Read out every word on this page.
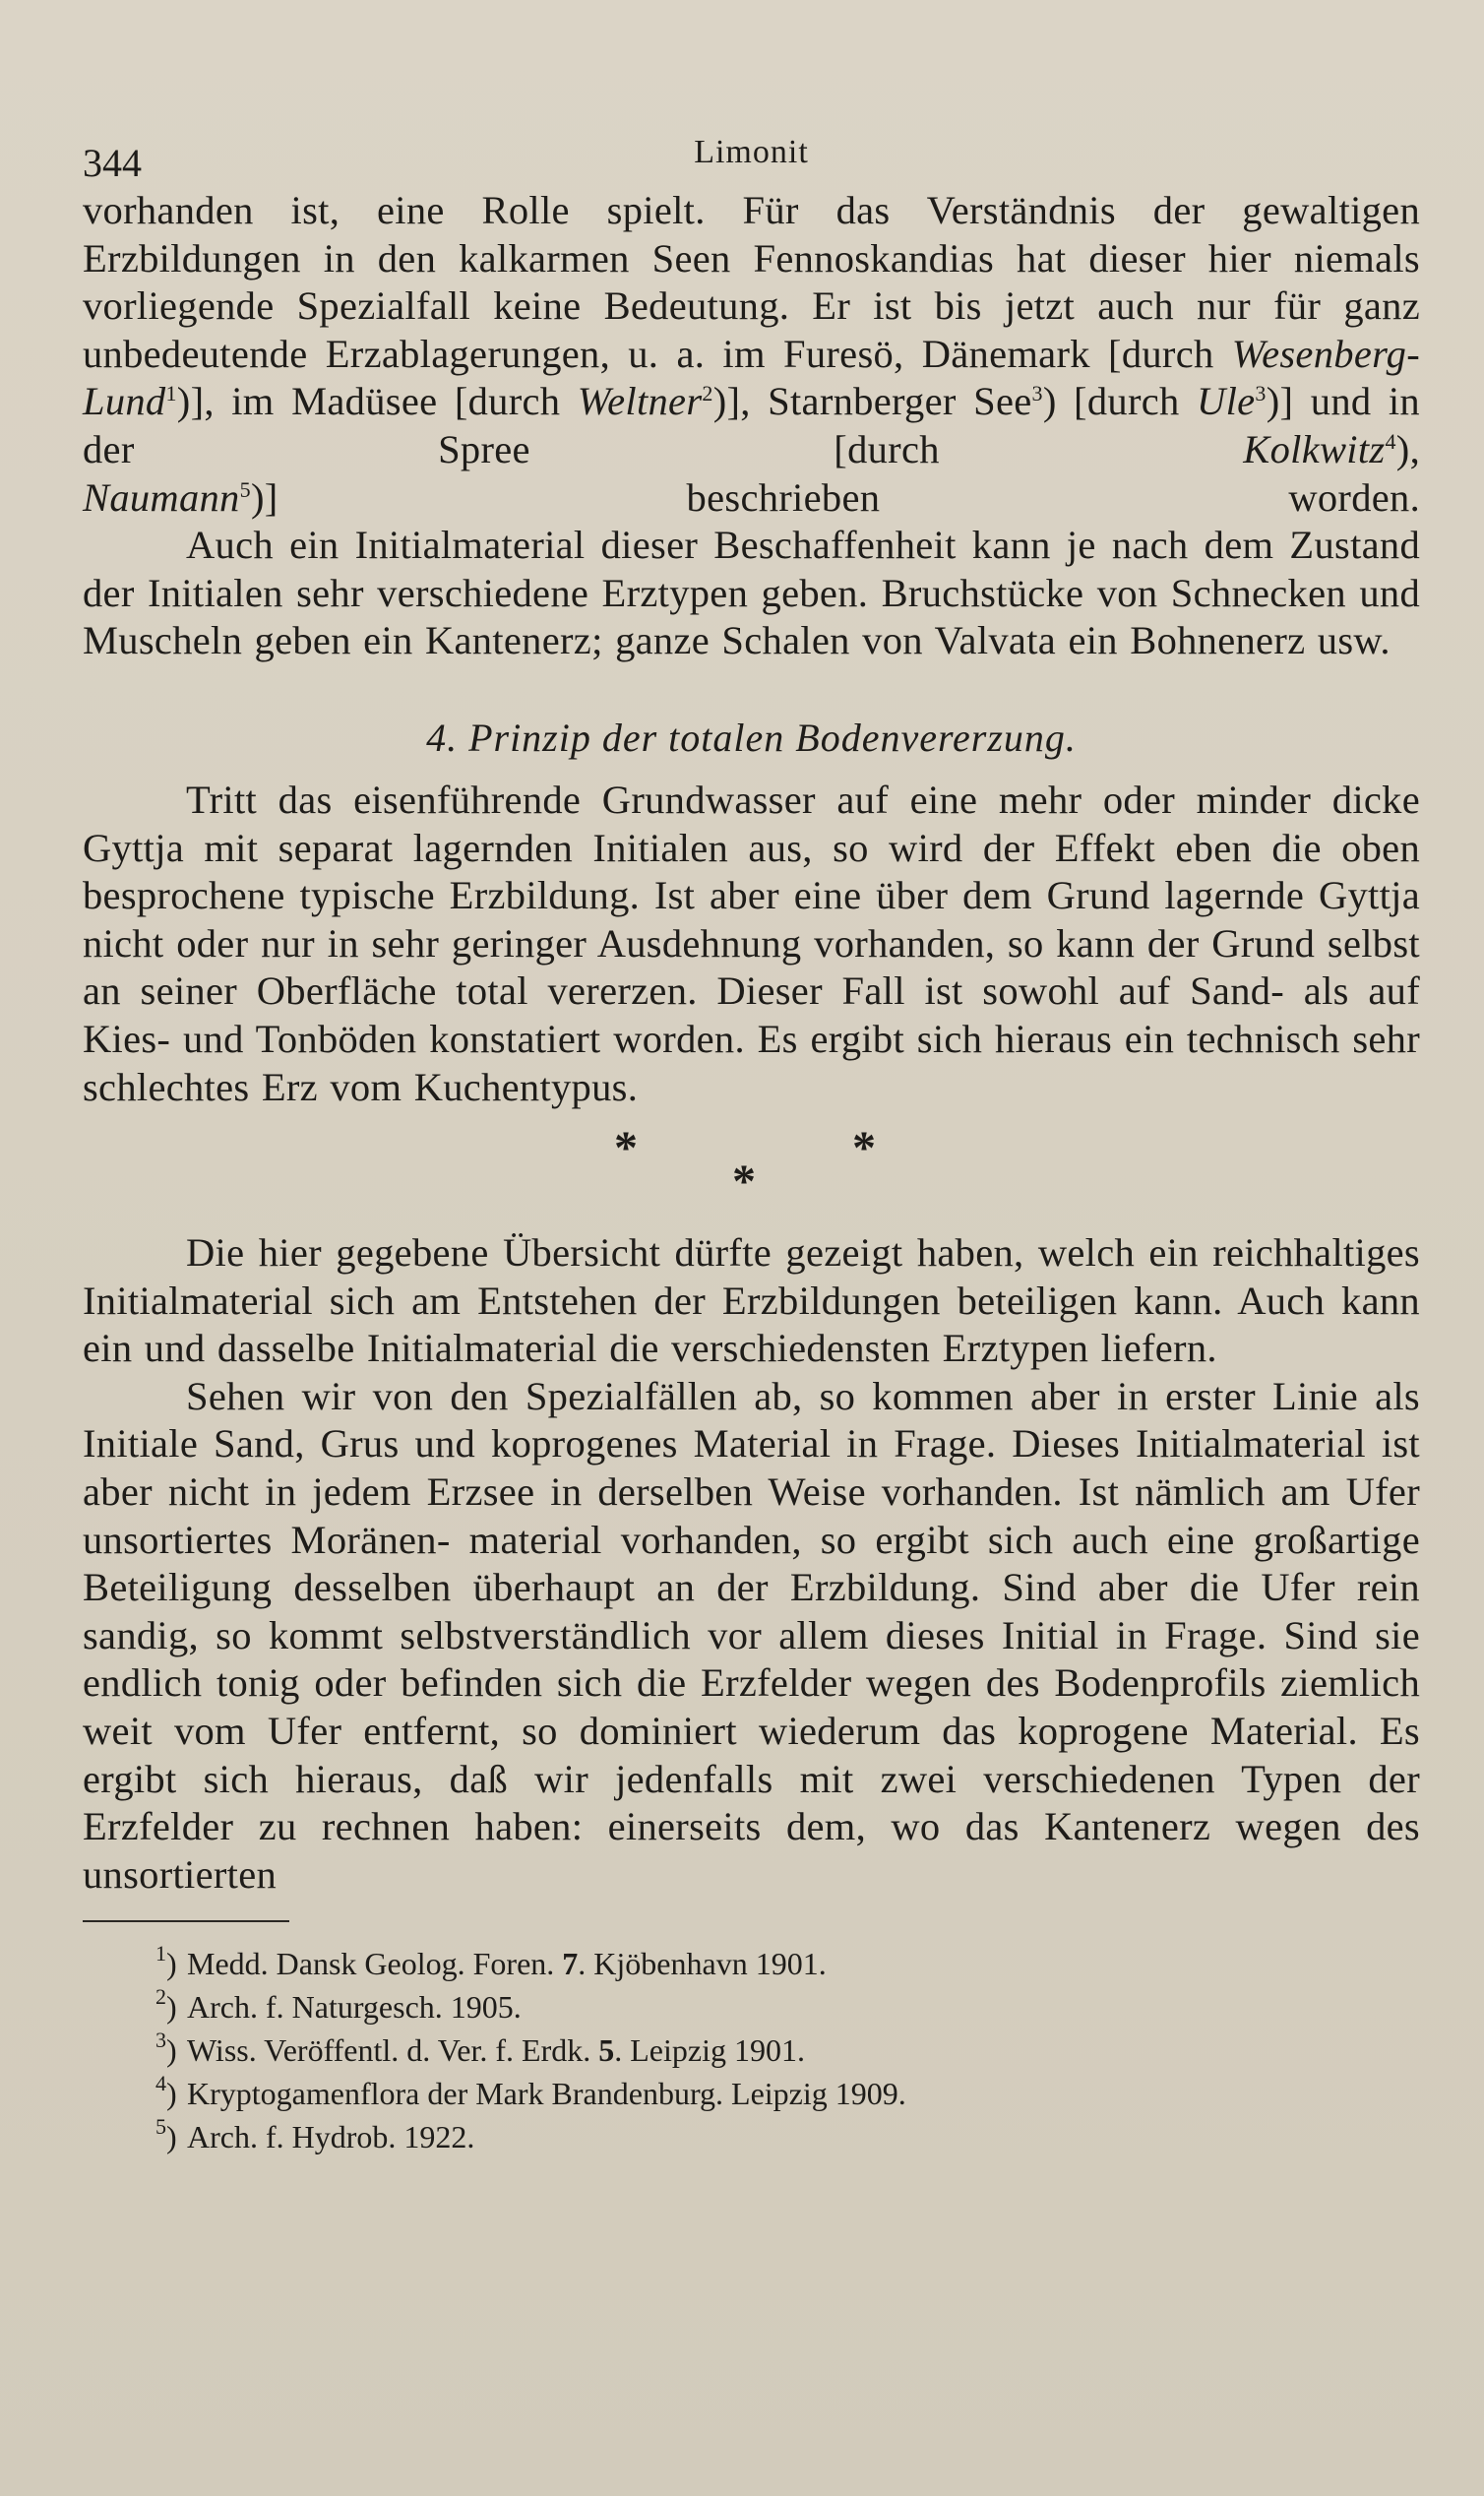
344	Limonit

vorhanden ist, eine Rolle spielt. Für das Verständnis der gewaltigen Erzbildungen in den kalkarmen Seen Fennoskandias hat dieser hier niemals vorliegende Spezialfall keine Bedeutung. Er ist bis jetzt auch nur für ganz unbedeutende Erzablagerungen, u. a. im Furesö, Dänemark [durch Wesenberg-Lund$^1$)], im Madüsee [durch Weltner$^2$)], Starnberger See$^3$) [durch Ule$^3$)] und in der Spree [durch Kolkwitz$^4$),
Naumann$^5$)] beschrieben worden.

Auch ein Initialmaterial dieser Beschaffenheit kann je nach dem Zustand der Initialen sehr verschiedene Erztypen geben. Bruchstücke von Schnecken und Muscheln geben ein Kantenerz; ganze Schalen von Valvata ein Bohnenerz usw.

4. Prinzip der totalen Bodenvererzung.

Tritt das eisenführende Grundwasser auf eine mehr oder minder dicke Gyttja mit separat lagernden Initialen aus, so wird der Effekt eben die oben besprochene typische Erzbildung. Ist aber eine über dem Grund lagernde Gyttja nicht oder nur in sehr geringer Ausdehnung vorhanden, so kann der Grund selbst an seiner Oberfläche total vererzen. Dieser Fall ist sowohl auf Sand- als auf Kies- und Tonböden konstatiert worden. Es ergibt sich hieraus ein technisch sehr schlechtes Erz vom Kuchentypus.

*
*
*

Die hier gegebene Übersicht dürfte gezeigt haben, welch ein reichhaltiges Initialmaterial sich am Entstehen der Erzbildungen beteiligen kann. Auch kann ein und dasselbe Initialmaterial die verschiedensten Erztypen liefern.

Sehen wir von den Spezialfällen ab, so kommen aber in erster Linie als Initiale Sand, Grus und koprogenes Material in Frage. Dieses Initialmaterial ist aber nicht in jedem Erzsee in derselben Weise vorhanden. Ist nämlich am Ufer unsortiertes Moränen- material vorhanden, so ergibt sich auch eine großartige Beteiligung desselben überhaupt an der Erzbildung. Sind aber die Ufer rein sandig, so kommt selbstverständlich vor allem dieses Initial in Frage. Sind sie endlich tonig oder befinden sich die Erzfelder wegen des Bodenprofils ziemlich weit vom Ufer entfernt, so dominiert wiederum das koprogene Material. Es ergibt sich hieraus, daß wir jedenfalls mit zwei verschiedenen Typen der Erzfelder zu rechnen haben: einerseits dem, wo das Kantenerz wegen des unsortierten

$^1$) Medd. Dansk Geolog. Foren. 7. Kjöbenhavn 1901.

$^2$) Arch. f. Naturgesch. 1905.

$^3$) Wiss. Veröffentl. d. Ver. f. Erdk. 5. Leipzig 1901.

$^4$) Kryptogamenflora der Mark Brandenburg. Leipzig 1909.

$^5$) Arch. f. Hydrob. 1922.
